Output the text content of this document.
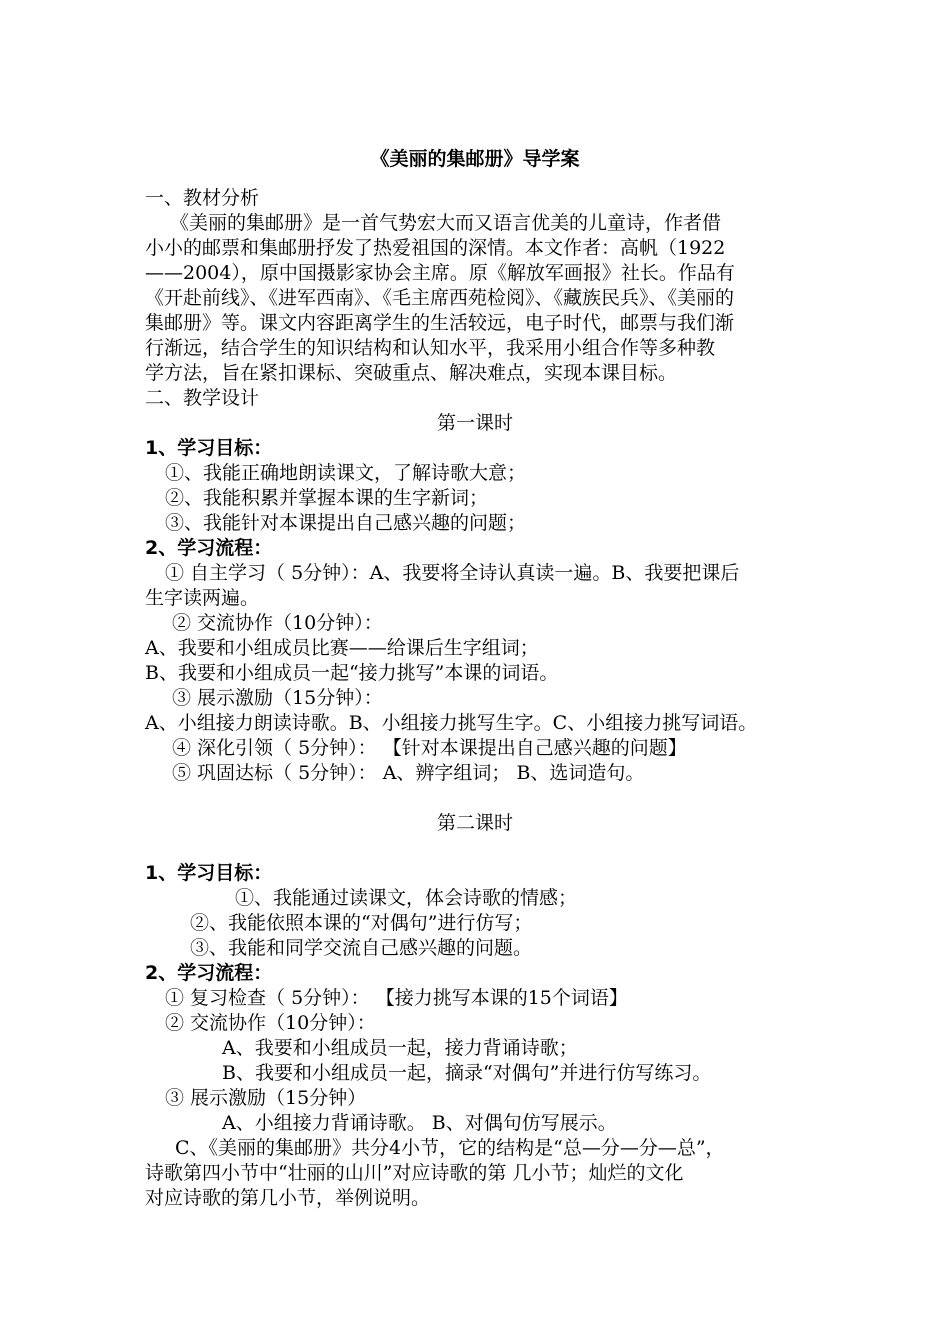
《美丽的集邮册》导学案
一、教材分析
《美丽的集邮册》是一首气势宏大而又语言优美的儿童诗，作者借
小小的邮票和集邮册抒发了热爱祖国的深情。本文作者：高帆（1922
——2004），原中国摄影家协会主席。原《解放军画报》社长。作品有
《开赴前线》、《进军西南》、《毛主席西苑检阅》、《藏族民兵》、《美丽的
集邮册》等。课文内容距离学生的生活较远，电子时代，邮票与我们渐
行渐远，结合学生的知识结构和认知水平，我采用小组合作等多种教
学方法，旨在紧扣课标、突破重点、解决难点，实现本课目标。
二、教学设计
第一课时
1、学习目标：
①、我能正确地朗读课文，了解诗歌大意；
②、我能积累并掌握本课的生字新词；
③、我能针对本课提出自己感兴趣的问题；
2、学习流程：
① 自主学习（ 5分钟）：A、我要将全诗认真读一遍。B、我要把课后
生字读两遍。
② 交流协作（10分钟）：
A、我要和小组成员比赛——给课后生字组词；
B、我要和小组成员一起“接力挑写”本课的词语。
③ 展示激励（15分钟）：
A、小组接力朗读诗歌。B、小组接力挑写生字。C、小组接力挑写词语。
④ 深化引领（ 5分钟）： 【针对本课提出自己感兴趣的问题】
⑤ 巩固达标（ 5分钟）： A、辨字组词； B、选词造句。
第二课时
1、学习目标：
①、我能通过读课文，体会诗歌的情感；
②、我能依照本课的“对偶句”进行仿写；
③、我能和同学交流自己感兴趣的问题。
2、学习流程：
① 复习检查（ 5分钟）： 【接力挑写本课的15个词语】
② 交流协作（10分钟）：
A、我要和小组成员一起，接力背诵诗歌；
B、我要和小组成员一起，摘录“对偶句”并进行仿写练习。
③ 展示激励（15分钟）
A、小组接力背诵诗歌。 B、对偶句仿写展示。
C、《美丽的集邮册》共分4小节，它的结构是“总—分—分—总”，
诗歌第四小节中“壮丽的山川”对应诗歌的第 几小节；灿烂的文化
对应诗歌的第几小节，举例说明。
